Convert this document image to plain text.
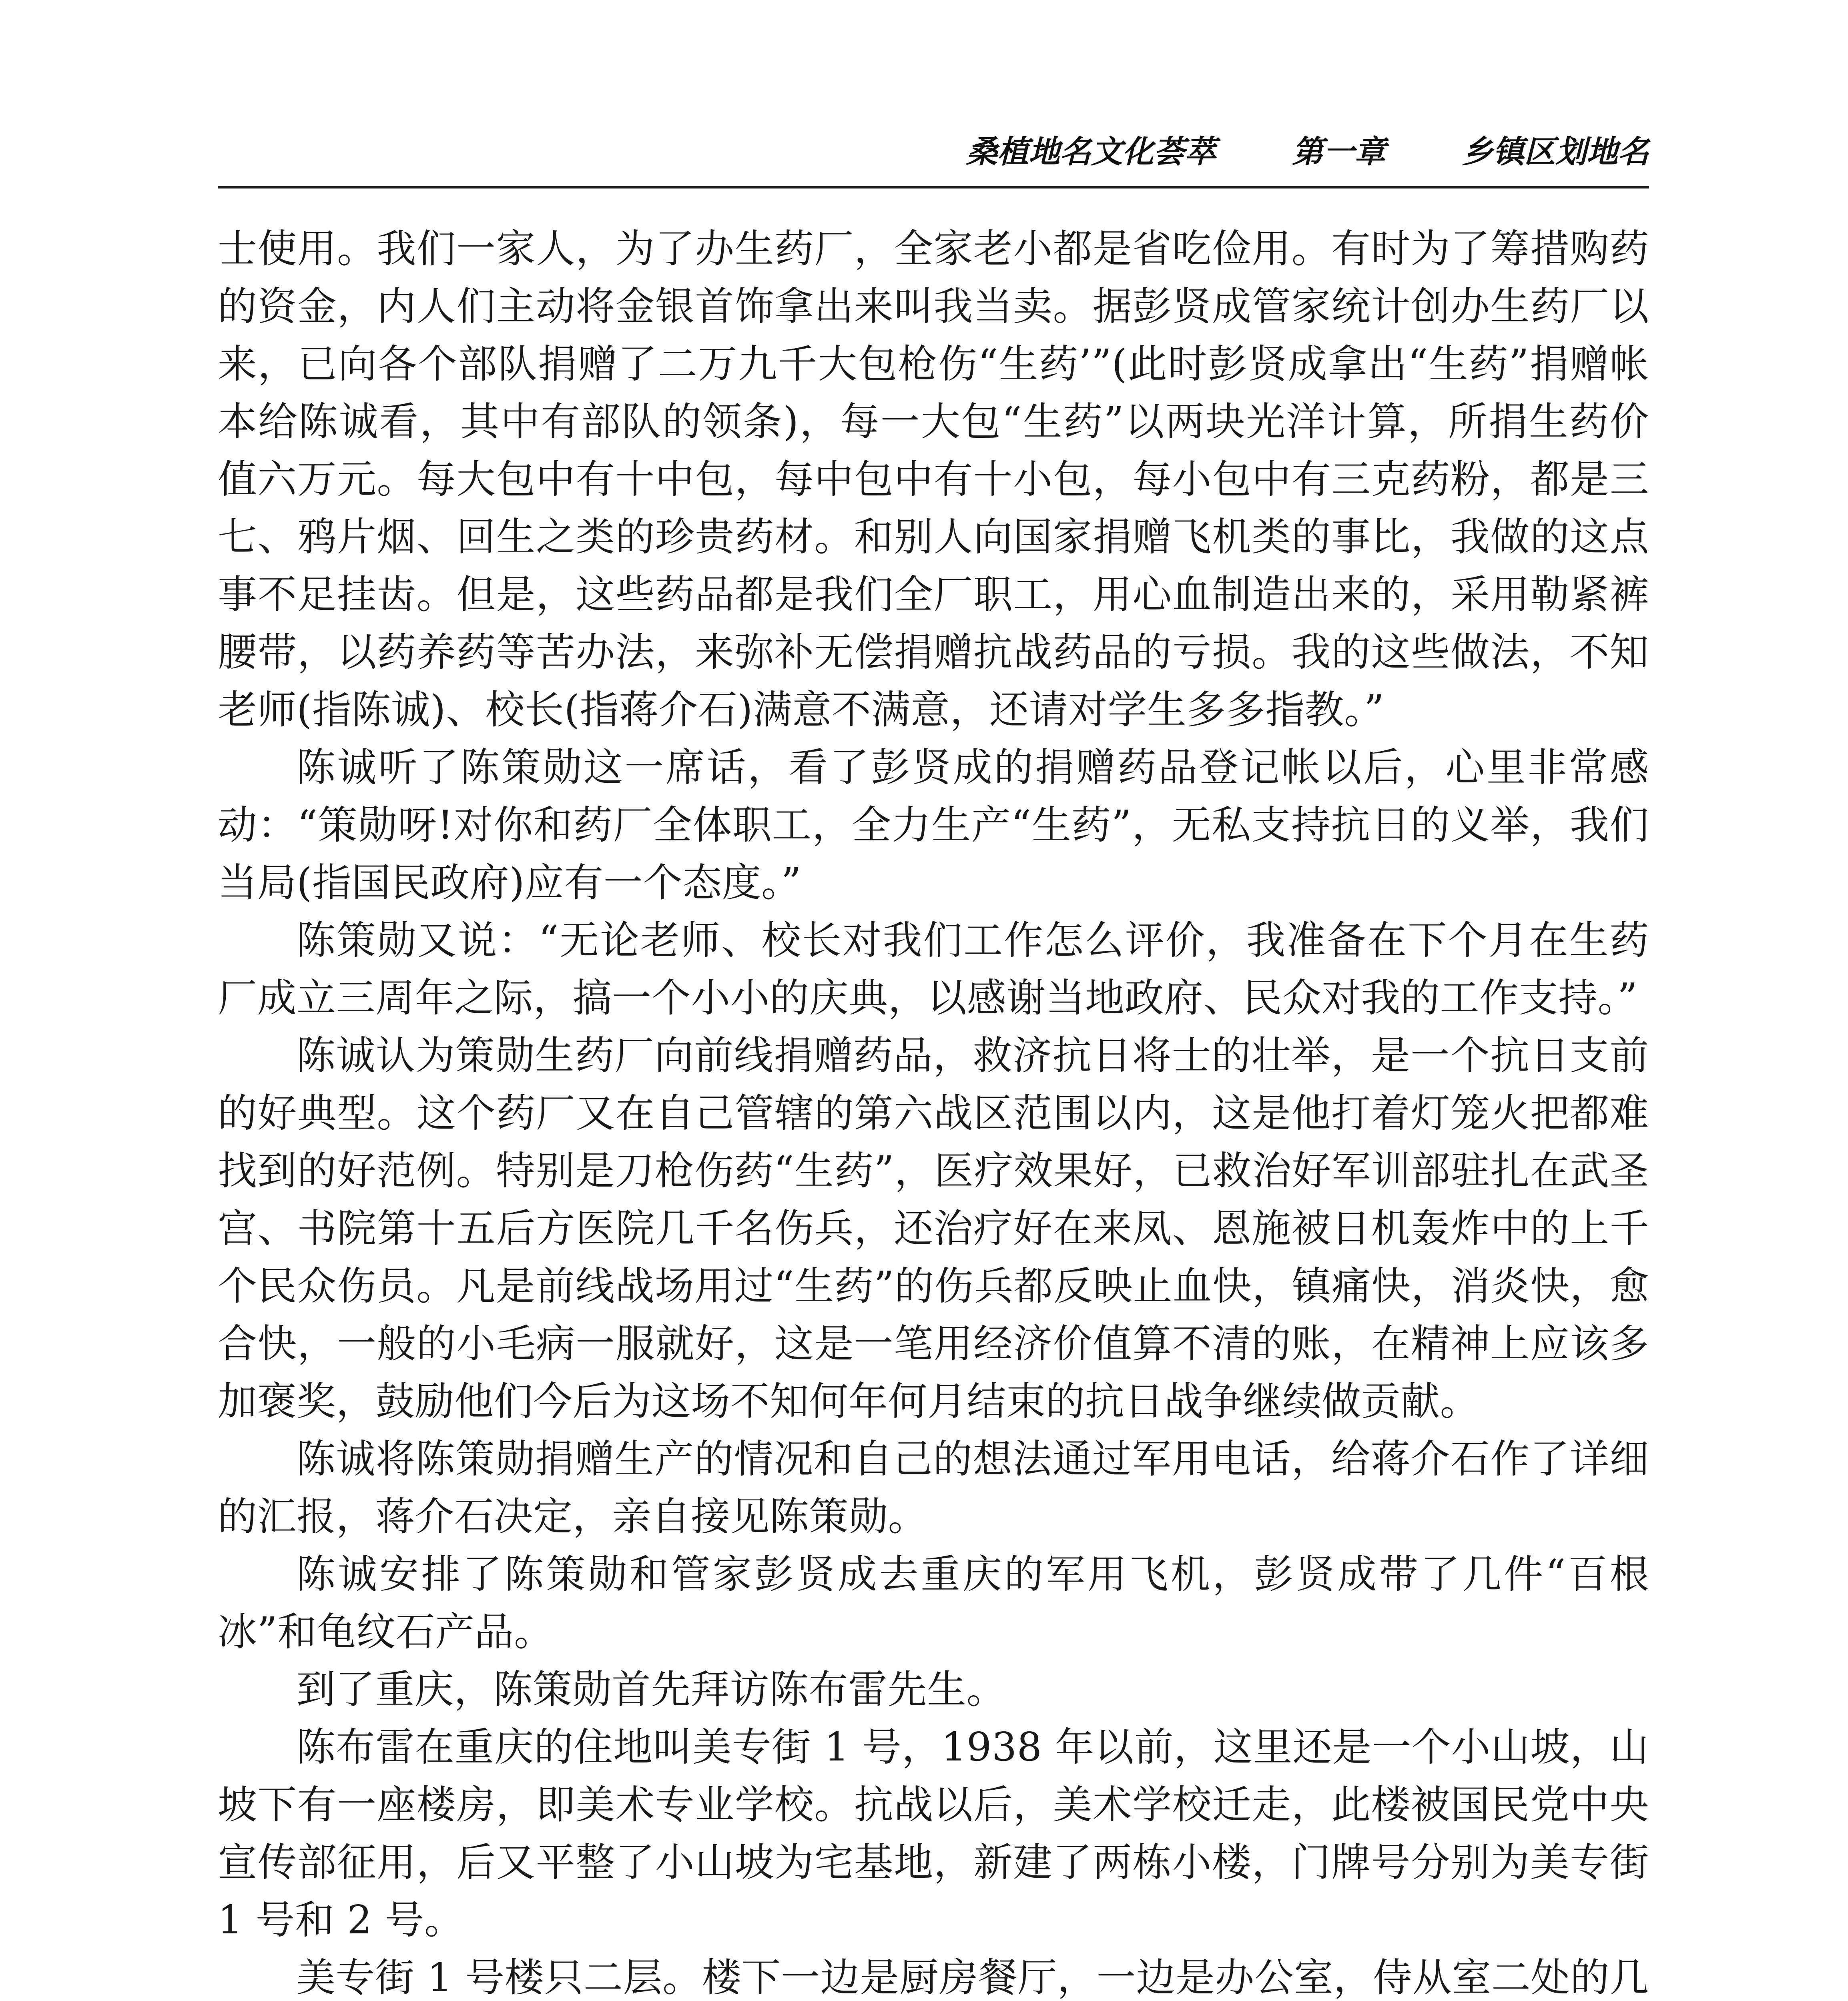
桑植地名文化荟萃 第一章 乡镇区划地名

士使用。我们一家人，为了办生药厂，全家老小都是省吃俭用。有时为了筹措购药的资金，内人们主动将金银首饰拿出来叫我当卖。据彭贤成管家统计创办生药厂以来，已向各个部队捐赠了二万九千大包枪伤“生药’”(此时彭贤成拿出“生药”捐赠帐本给陈诚看，其中有部队的领条)，每一大包“生药”以两块光洋计算，所捐生药价值六万元。每大包中有十中包，每中包中有十小包，每小包中有三克药粉，都是三七、鸦片烟、回生之类的珍贵药材。和别人向国家捐赠飞机类的事比，我做的这点事不足挂齿。但是，这些药品都是我们全厂职工，用心血制造出来的，采用勒紧裤腰带，以药养药等苦办法，来弥补无偿捐赠抗战药品的亏损。我的这些做法，不知老师(指陈诚)、校长(指蒋介石)满意不满意，还请对学生多多指教。”

陈诚听了陈策勋这一席话，看了彭贤成的捐赠药品登记帐以后，心里非常感动：“策勋呀!对你和药厂全体职工，全力生产“生药”，无私支持抗日的义举，我们当局(指国民政府)应有一个态度。”

陈策勋又说：“无论老师、校长对我们工作怎么评价，我准备在下个月在生药厂成立三周年之际，搞一个小小的庆典，以感谢当地政府、民众对我的工作支持。”

陈诚认为策勋生药厂向前线捐赠药品，救济抗日将士的壮举，是一个抗日支前的好典型。这个药厂又在自己管辖的第六战区范围以内，这是他打着灯笼火把都难找到的好范例。特别是刀枪伤药“生药”，医疗效果好，已救治好军训部驻扎在武圣宫、书院第十五后方医院几千名伤兵，还治疗好在来凤、恩施被日机轰炸中的上千个民众伤员。凡是前线战场用过“生药”的伤兵都反映止血快，镇痛快，消炎快，愈合快，一般的小毛病一服就好，这是一笔用经济价值算不清的账，在精神上应该多加褒奖，鼓励他们今后为这场不知何年何月结束的抗日战争继续做贡献。

陈诚将陈策勋捐赠生产的情况和自己的想法通过军用电话，给蒋介石作了详细的汇报，蒋介石决定，亲自接见陈策勋。

陈诚安排了陈策勋和管家彭贤成去重庆的军用飞机，彭贤成带了几件“百根冰”和龟纹石产品。

到了重庆，陈策勋首先拜访陈布雷先生。

陈布雷在重庆的住地叫美专街 1 号，1938 年以前，这里还是一个小山坡，山坡下有一座楼房，即美术专业学校。抗战以后，美术学校迁走，此楼被国民党中央宣传部征用，后又平整了小山坡为宅基地，新建了两栋小楼，门牌号分别为美专街 1 号和 2 号。

美专街 1 号楼只二层。楼下一边是厨房餐厅，一边是办公室，侍从室二处的几
